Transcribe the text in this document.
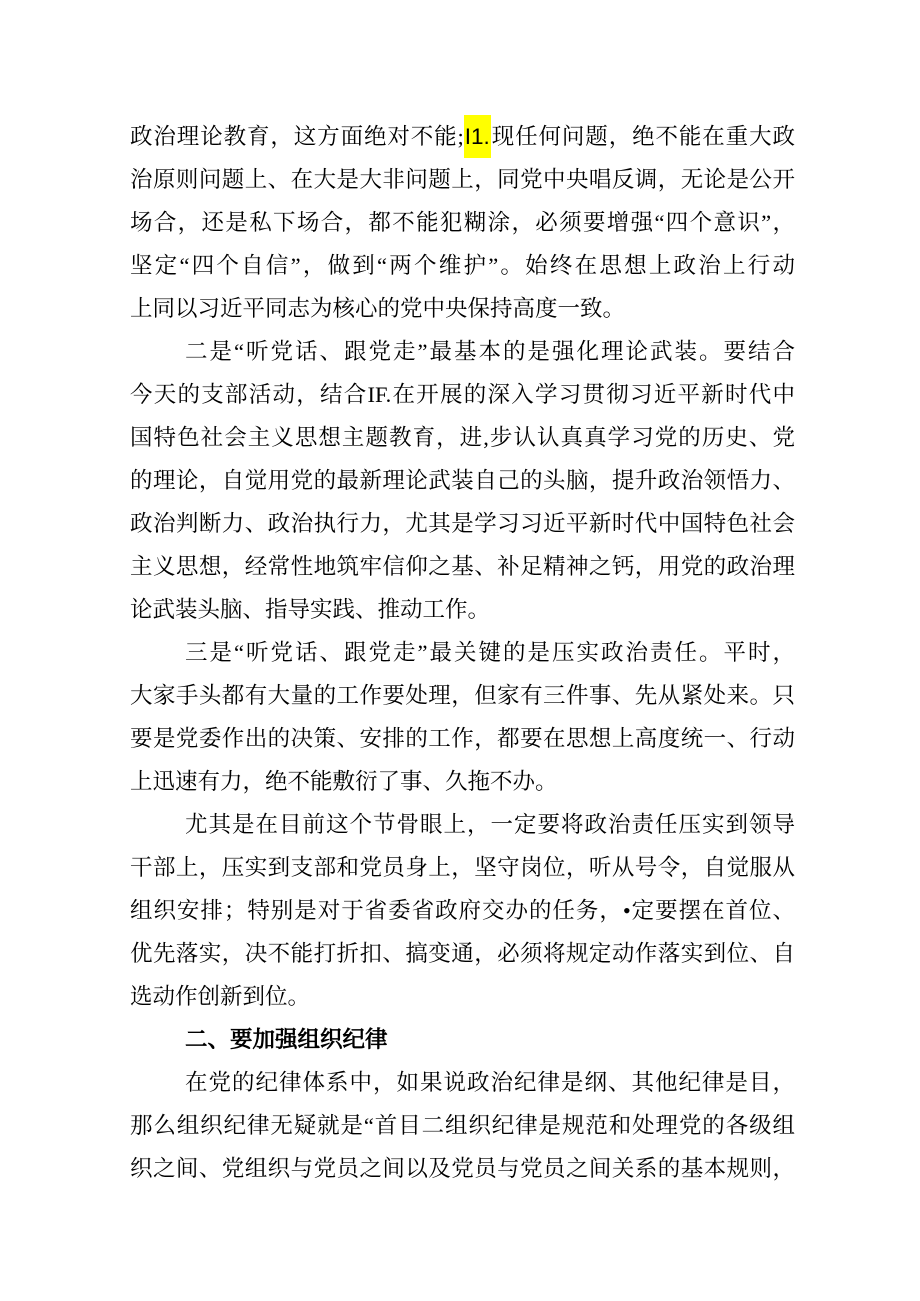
政治理论教育，这方面绝对不能;I1.现任何问题，绝不能在重大政
治原则问题上、在大是大非问题上，同党中央唱反调，无论是公开
场合，还是私下场合，都不能犯糊涂，必须要增强“四个意识”，
坚定“四个自信”，做到“两个维护”。始终在思想上政治上行动
上同以习近平同志为核心的党中央保持高度一致。
二是“听党话、跟党走”最基本的是强化理论武装。要结合
今天的支部活动，结合IF.在开展的深入学习贯彻习近平新时代中
国特色社会主义思想主题教育，进,步认认真真学习党的历史、党
的理论，自觉用党的最新理论武装自己的头脑，提升政治领悟力、
政治判断力、政治执行力，尤其是学习习近平新时代中国特色社会
主义思想，经常性地筑牢信仰之基、补足精神之钙，用党的政治理
论武装头脑、指导实践、推动工作。
三是“听党话、跟党走”最关键的是压实政治责任。平时，
大家手头都有大量的工作要处理，但家有三件事、先从紧处来。只
要是党委作出的决策、安排的工作，都要在思想上高度统一、行动
上迅速有力，绝不能敷衍了事、久拖不办。
尤其是在目前这个节骨眼上，一定要将政治责任压实到领导
干部上，压实到支部和党员身上，坚守岗位，听从号令，自觉服从
组织安排；特别是对于省委省政府交办的任务，•定要摆在首位、
优先落实，决不能打折扣、搞变通，必须将规定动作落实到位、自
选动作创新到位。
二、要加强组织纪律
在党的纪律体系中，如果说政治纪律是纲、其他纪律是目，
那么组织纪律无疑就是“首目二组织纪律是规范和处理党的各级组
织之间、党组织与党员之间以及党员与党员之间关系的基本规则，
